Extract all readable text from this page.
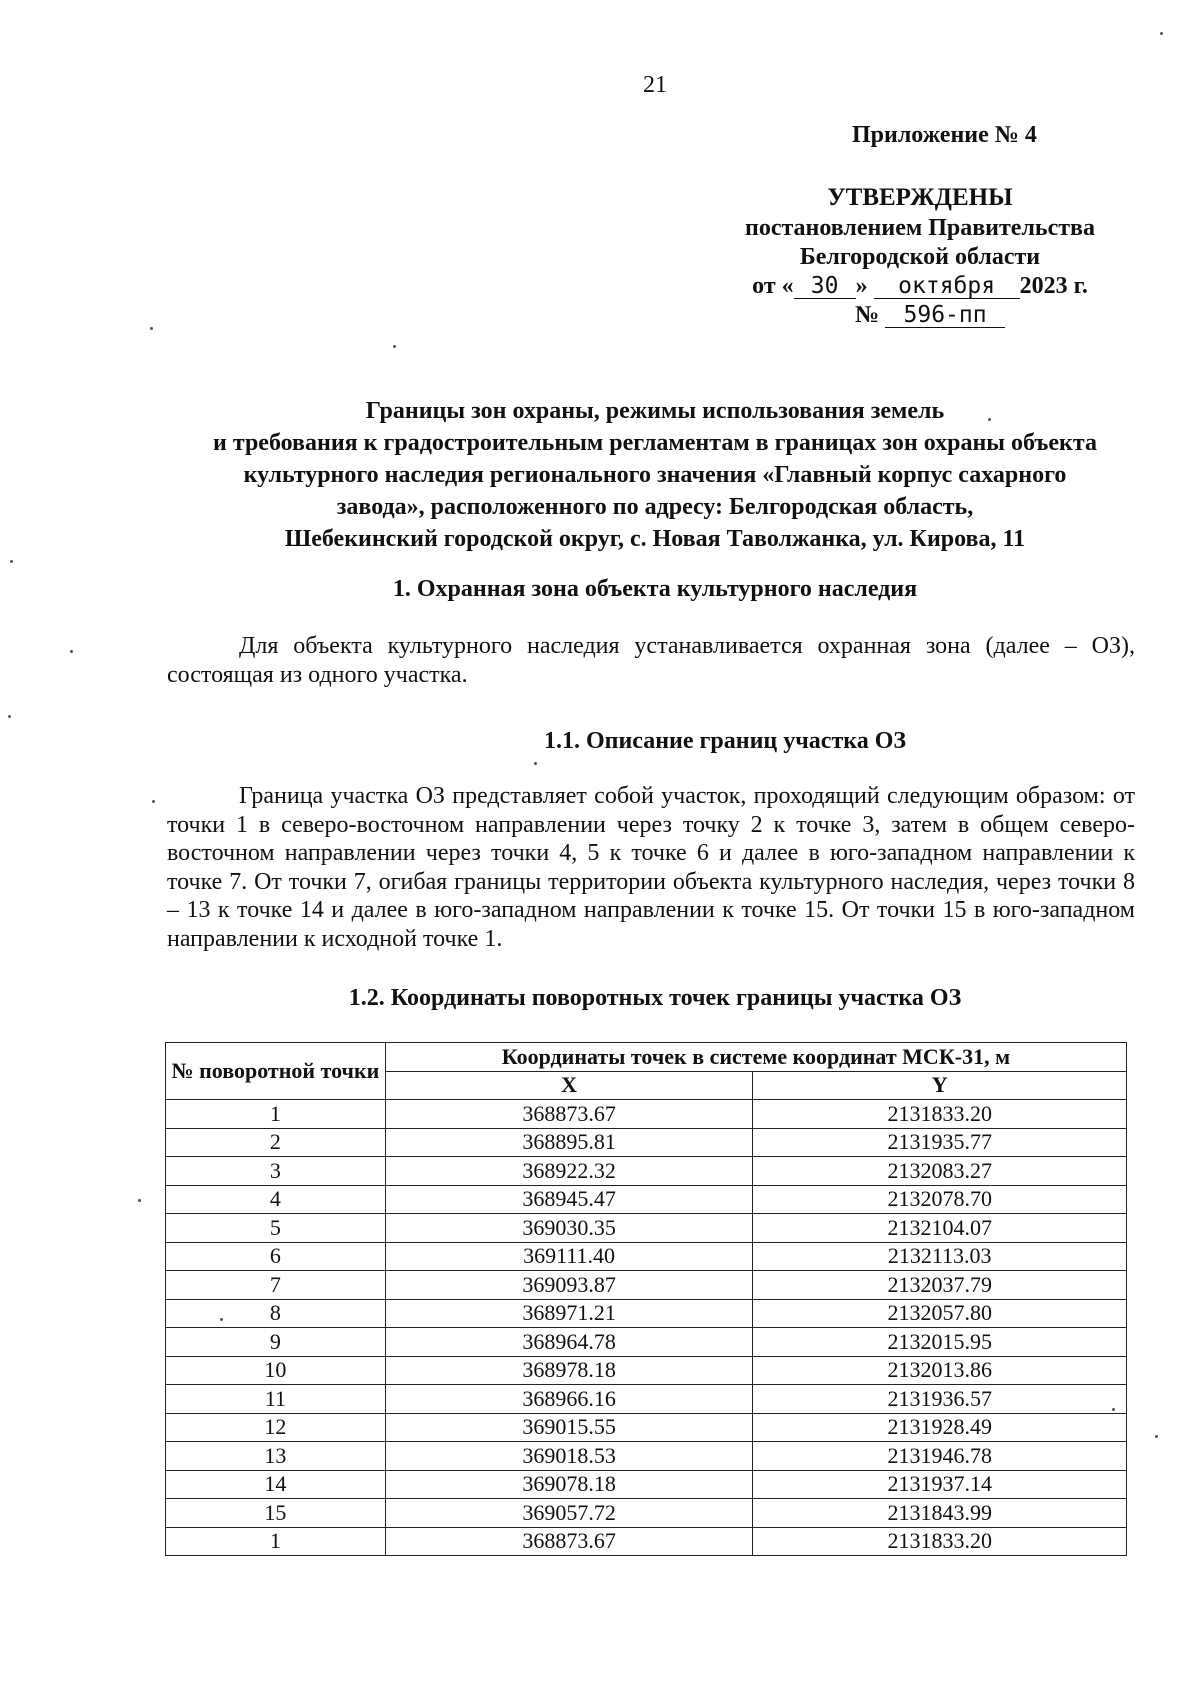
21
Приложение № 4
УТВЕРЖДЕНЫ
постановлением Правительства
Белгородской области
от « 30 » октября 2023 г.
№ 596-пп
Границы зон охраны, режимы использования земель
и требования к градостроительным регламентам в границах зон охраны объекта
культурного наследия регионального значения «Главный корпус сахарного
завода», расположенного по адресу: Белгородская область,
Шебекинский городской округ, с. Новая Таволжанка, ул. Кирова, 11
1. Охранная зона объекта культурного наследия
Для объекта культурного наследия устанавливается охранная зона (далее – ОЗ), состоящая из одного участка.
1.1. Описание границ участка ОЗ
Граница участка ОЗ представляет собой участок, проходящий следующим образом: от точки 1 в северо-восточном направлении через точку 2 к точке 3, затем в общем северо-восточном направлении через точки 4, 5 к точке 6 и далее в юго-западном направлении к точке 7. От точки 7, огибая границы территории объекта культурного наследия, через точки 8 – 13 к точке 14 и далее в юго-западном направлении к точке 15. От точки 15 в юго-западном направлении к исходной точке 1.
1.2. Координаты поворотных точек границы участка ОЗ
№ поворотной точки	Координаты точек в системе координат МСК-31, м	
	X	Y
1	368873.67	2131833.20
2	368895.81	2131935.77
3	368922.32	2132083.27
4	368945.47	2132078.70
5	369030.35	2132104.07
6	369111.40	2132113.03
7	369093.87	2132037.79
8	368971.21	2132057.80
9	368964.78	2132015.95
10	368978.18	2132013.86
11	368966.16	2131936.57
12	369015.55	2131928.49
13	369018.53	2131946.78
14	369078.18	2131937.14
15	369057.72	2131843.99
1	368873.67	2131833.20
